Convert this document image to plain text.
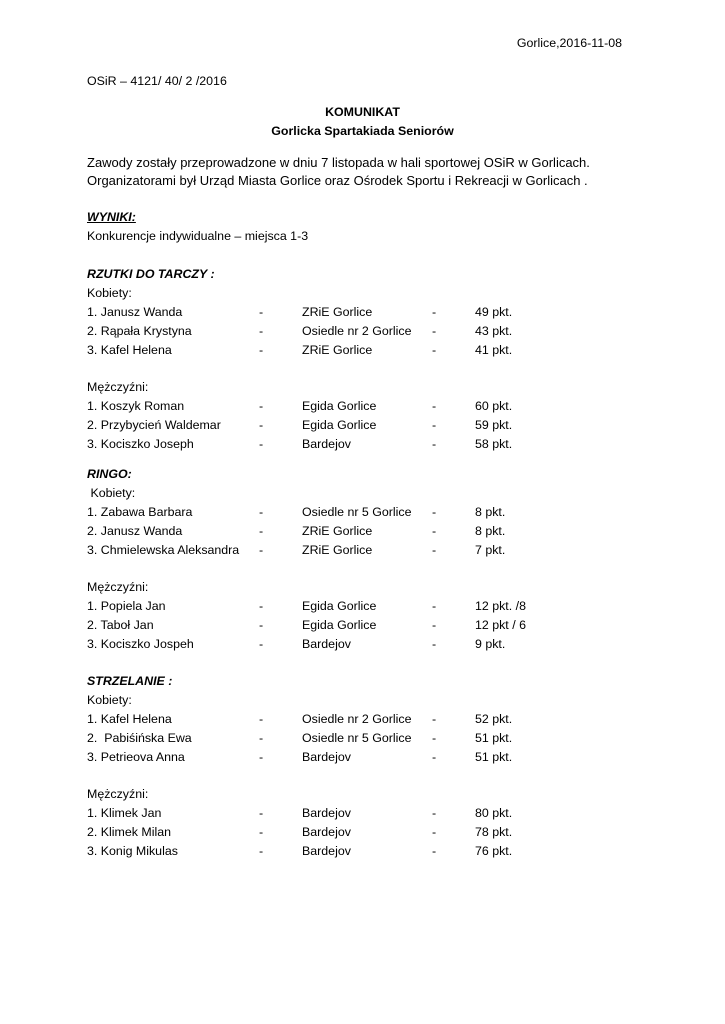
Gorlice,2016-11-08
OSiR – 4121/ 40/ 2 /2016
KOMUNIKAT
Gorlicka Spartakiada Seniorów
Zawody zostały przeprowadzone w dniu 7 listopada w hali sportowej OSiR w Gorlicach.
Organizatorami był Urząd Miasta Gorlice oraz Ośrodek Sportu i Rekreacji w Gorlicach .
WYNIKI:
Konkurencje indywidualne – miejsca 1-3
RZUTKI DO TARCZY :
Kobiety:
1. Janusz Wanda	-	ZRiE Gorlice	-	49 pkt.
2. Rąpała Krystyna	-	Osiedle nr 2 Gorlice -	43 pkt.
3. Kafel Helena	-	ZRiE Gorlice	-	41 pkt.
Mężczyźni:
1. Koszyk Roman	-	Egida Gorlice	-	60 pkt.
2. Przybycień Waldemar	-	Egida Gorlice	-	59 pkt.
3. Kociszko Joseph	-	Bardejov	-	58 pkt.
RINGO:
Kobiety:
1. Zabawa Barbara	-	Osiedle nr 5 Gorlice -	8 pkt.
2. Janusz Wanda	-	ZRiE Gorlice	-	8 pkt.
3. Chmielewska Aleksandra -	ZRiE Gorlice	-	7 pkt.
Mężczyźni:
1. Popiela Jan	-	Egida Gorlice	-	12 pkt. /8
2. Taboł Jan	-	Egida Gorlice	-	12 pkt / 6
3. Kociszko Jospeh	-	Bardejov	-	9 pkt.
STRZELANIE :
Kobiety:
1. Kafel Helena	-	Osiedle nr 2 Gorlice -	52 pkt.
2.  Pabiśińska Ewa	-	Osiedle nr 5 Gorlice -	51 pkt.
3. Petrieova Anna	-	Bardejov	-	51 pkt.
Mężczyźni:
1. Klimek Jan	-	Bardejov	-	80 pkt.
2. Klimek Milan	-	Bardejov	-	78 pkt.
3. Konig Mikulas	-	Bardejov	-	76 pkt.
